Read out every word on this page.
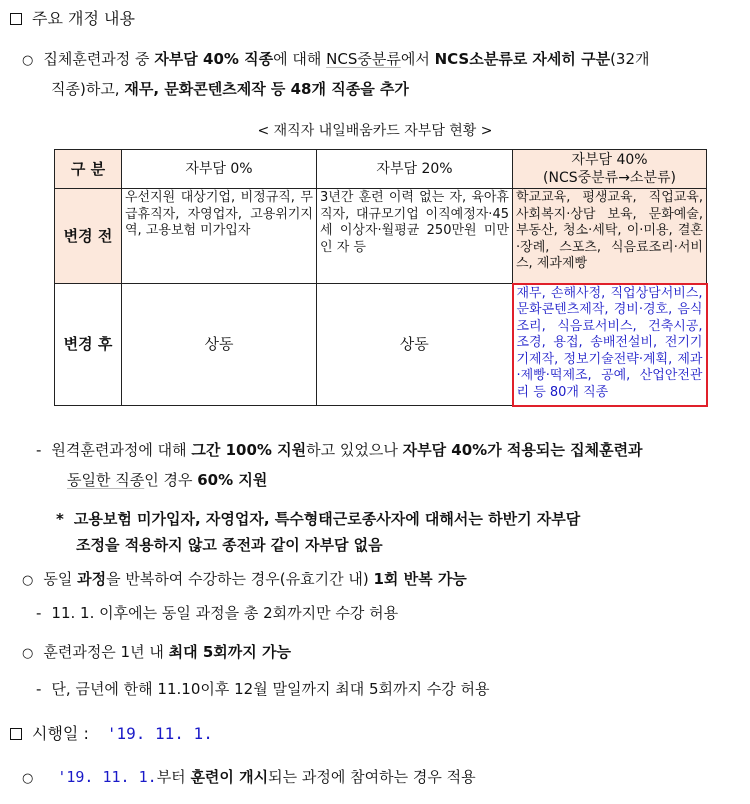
주요 개정 내용
○ 집체훈련과정 중 자부담 40% 직종에 대해 NCS중분류에서 NCS소분류로 자세히 구분(32개
직종)하고, 재무, 문화콘텐츠제작 등 48개 직종을 추가
< 재직자 내일배움카드 자부담 현황 >
구 분	자부담 0%	자부담 20%	자부담 40%
(NCS중분류→소분류)

변경 전	우선지원 대상기업, 비정규직, 무급휴직자, 자영업자, 고용위기지역, 고용보험 미가입자	3년간 훈련 이력 없는 자, 육아휴직자, 대규모기업 이직예정자·45세 이상자·월평균 250만원 미만인 자 등	학교교육, 평생교육, 직업교육, 사회복지·상담 보육, 문화예술, 부동산, 청소·세탁, 이·미용, 결혼·장례, 스포츠, 식음료조리·서비스, 제과제빵
변경 후	상동	상동	재무, 손해사정, 직업상담서비스, 문화콘텐츠제작, 경비·경호, 음식조리, 식음료서비스, 건축시공, 조경, 용접, 송배전설비, 전기기기제작, 정보기술전략·계획, 제과·제빵·떡제조, 공예, 산업안전관리 등 80개 직종
- 원격훈련과정에 대해 그간 100% 지원하고 있었으나 자부담 40%가 적용되는 집체훈련과
동일한 직종인 경우 60% 지원
* 고용보험 미가입자, 자영업자, 특수형태근로종사자에 대해서는 하반기 자부담
조정을 적용하지 않고 종전과 같이 자부담 없음
○ 동일 과정을 반복하여 수강하는 경우(유효기간 내) 1회 반복 가능
- 11. 1. 이후에는 동일 과정을 총 2회까지만 수강 허용
○ 훈련과정은 1년 내 최대 5회까지 가능
- 단, 금년에 한해 11.10이후 12월 말일까지 최대 5회까지 수강 허용
시행일 : '19. 11. 1.
○ '19. 11. 1.부터 훈련이 개시되는 과정에 참여하는 경우 적용
